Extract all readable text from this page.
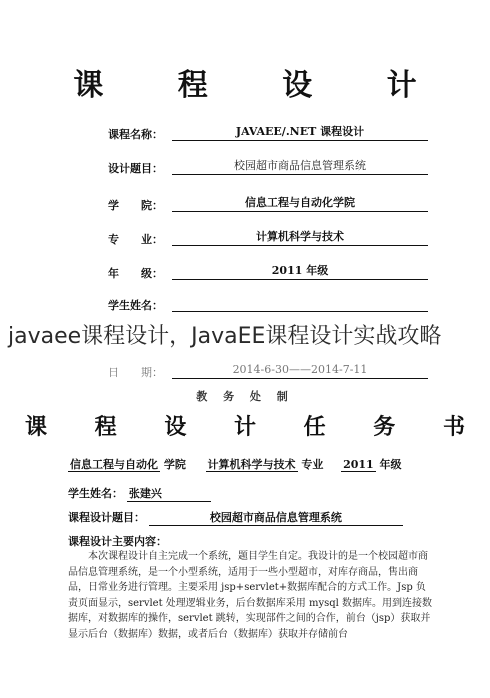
课 程 设 计
课程名称：	JAVAEE/.NET 课程设计
设计题目：	校园超市商品信息管理系统
学　　院：	信息工程与自动化学院
专　　业：	计算机科学与技术
年　　级：	2011 年级
学生姓名：
日　　期：	2014-6-30——2014-7-11
javaee课程设计，JavaEE课程设计实战攻略
教 务 处 制
课 程 设 计 任 务 书
信息工程与自动化 学院 计算机科学与技术 专业 2011 年级
学生姓名： 张建兴
课程设计题目：	校园超市商品信息管理系统
课程设计主要内容：
本次课程设计自主完成一个系统，题目学生自定。我设计的是一个校园超市商品信息管理系统，是一个小型系统，适用于一些小型超市，对库存商品，售出商品，日常业务进行管理。主要采用 jsp+servlet+数据库配合的方式工作。Jsp 负责页面显示，servlet 处理逻辑业务，后台数据库采用 mysql 数据库。用到连接数据库，对数据库的操作，servlet 跳转，实现部件之间的合作，前台（jsp）获取并显示后台（数据库）数据，或者后台（数据库）获取并存储前台
